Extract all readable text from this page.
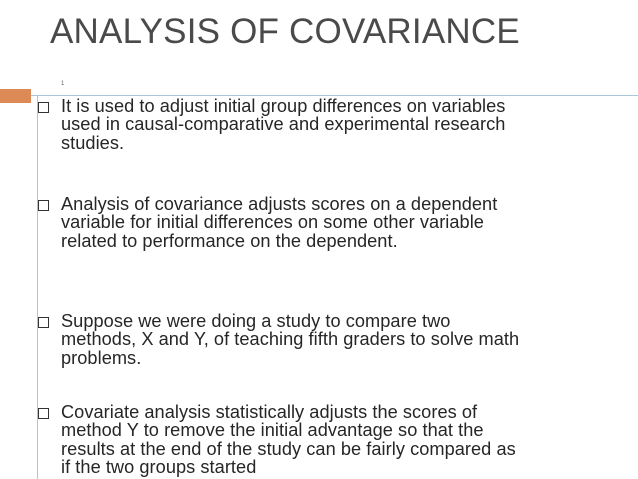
ANALYSIS OF COVARIANCE
1
It is used to adjust initial group differences on variables used in causal-comparative and experimental research studies.
Analysis of covariance adjusts scores on a dependent variable for initial differences on some other variable related to performance on the dependent.
Suppose we were doing a study to compare two methods, X and Y, of teaching fifth graders to solve math problems.
Covariate analysis statistically adjusts the scores of method Y to remove the initial advantage so that the results at the end of the study can be fairly compared as if the two groups started
